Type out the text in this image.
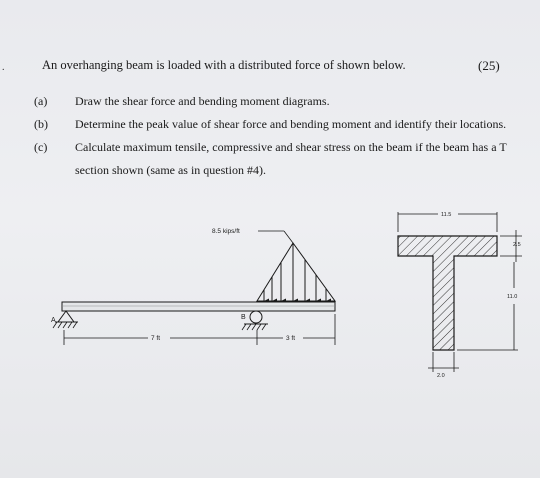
.	An overhanging beam is loaded with a distributed force of shown below.	(25)
(a) Draw the shear force and bending moment diagrams.
(b) Determine the peak value of shear force and bending moment and identify their locations.
(c) Calculate maximum tensile, compressive and shear stress on the beam if the beam has a T
section shown (same as in question #4).
8.5 kips/ft
A	B
7 ft	3 ft
11.5
2.5
11.0
2.0
